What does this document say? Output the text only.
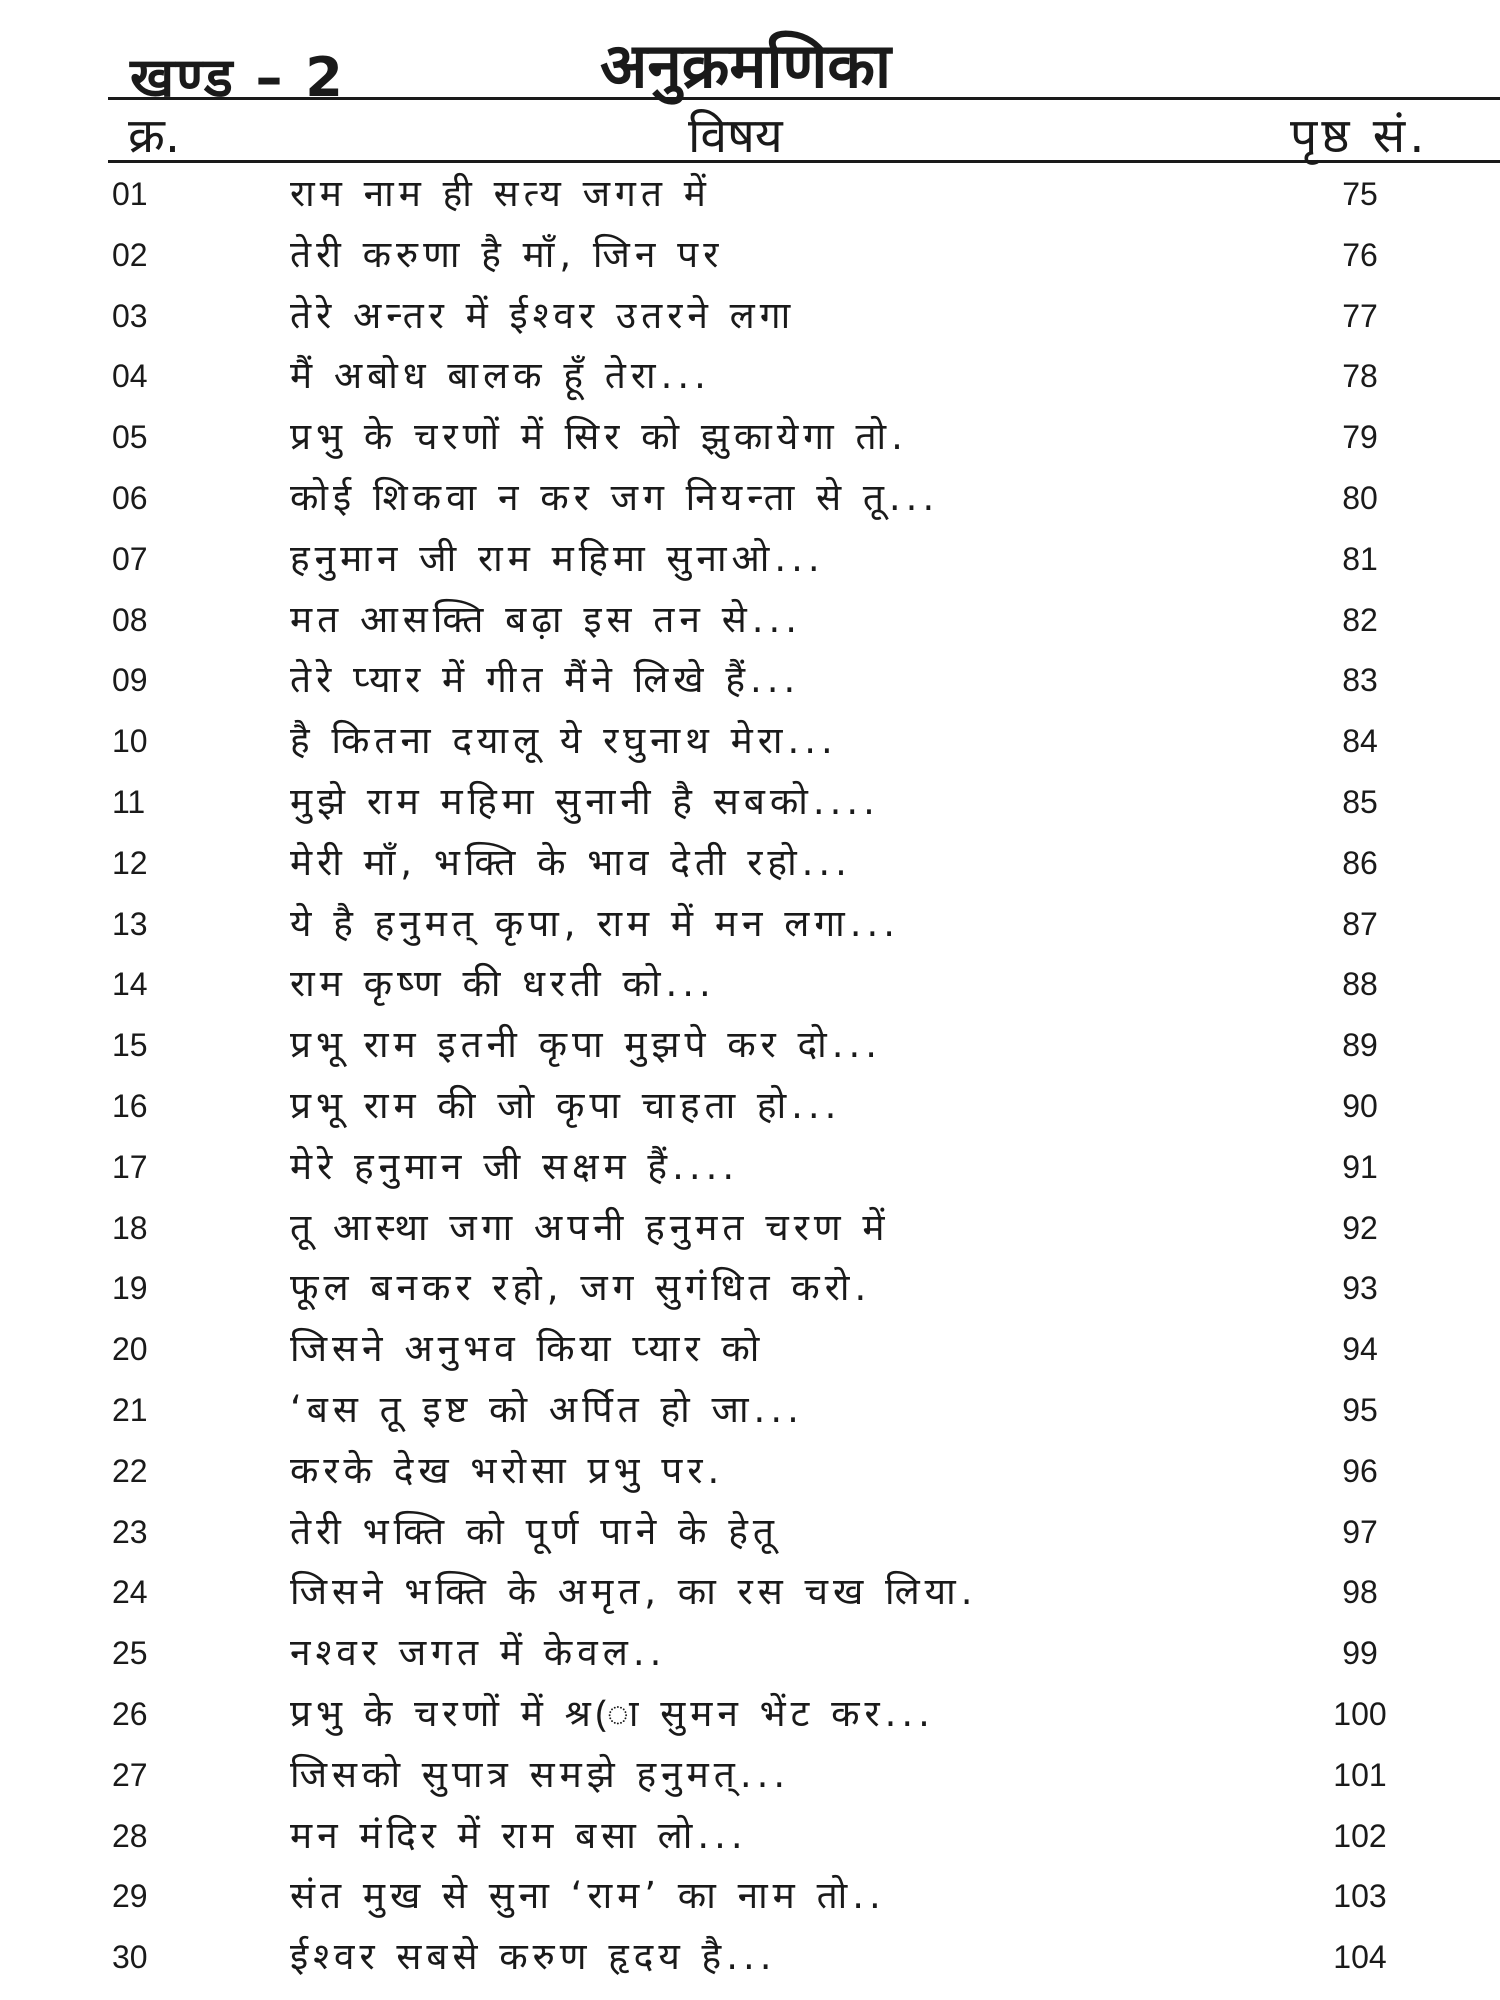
खण्ड – 2	अनुक्रमणिका
क्र.	विषय	पृष्ठ सं.
01	राम नाम ही सत्य जगत में	75
02	तेरी करुणा है माँ, जिन पर	76
03	तेरे अन्तर में ईश्वर उतरने लगा	77
04	मैं अबोध बालक हूँ तेरा...	78
05	प्रभु के चरणों में सिर को झुकायेगा तो.	79
06	कोई शिकवा न कर जग नियन्ता से तू...	80
07	हनुमान जी राम महिमा सुनाओ...	81
08	मत आसक्ति बढ़ा इस तन से...	82
09	तेरे प्यार में गीत मैंने लिखे हैं...	83
10	है कितना दयालू ये रघुनाथ मेरा...	84
11	मुझे राम महिमा सुनानी है सबको....	85
12	मेरी माँ, भक्ति के भाव देती रहो...	86
13	ये है हनुमत् कृपा, राम में मन लगा...	87
14	राम कृष्ण की धरती को...	88
15	प्रभू राम इतनी कृपा मुझपे कर दो...	89
16	प्रभू राम की जो कृपा चाहता हो...	90
17	मेरे हनुमान जी सक्षम हैं....	91
18	तू आस्था जगा अपनी हनुमत चरण में	92
19	फूल बनकर रहो, जग सुगंधित करो.	93
20	जिसने अनुभव किया प्यार को	94
21	‘बस तू इष्ट को अर्पित हो जा...	95
22	करके देख भरोसा प्रभु पर.	96
23	तेरी भक्ति को पूर्ण पाने के हेतू	97
24	जिसने भक्ति के अमृत, का रस चख लिया.	98
25	नश्वर जगत में केवल..	99
26	प्रभु के चरणों में श्र(ा सुमन भेंट कर...	100
27	जिसको सुपात्र समझे हनुमत्...	101
28	मन मंदिर में राम बसा लो...	102
29	संत मुख से सुना ‘राम’ का नाम तो..	103
30	ईश्वर सबसे करुण हृदय है...	104
